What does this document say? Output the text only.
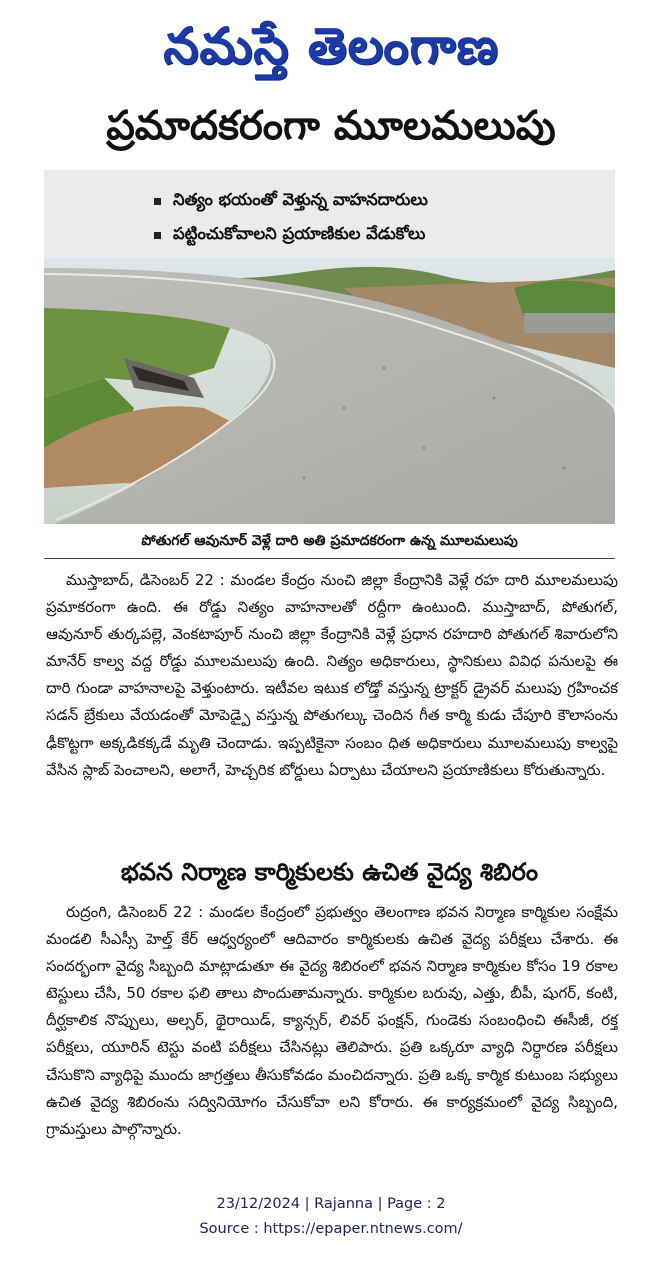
నమస్తే తెలంగాణ
ప్రమాదకరంగా మూలమలుపు
నిత్యం భయంతో వెళ్తున్న వాహనదారులు
పట్టించుకోవాలని ప్రయాణికుల వేడుకోలు
పోతుగల్ ఆవునూర్ వెళ్లే దారి అతి ప్రమాదకరంగా ఉన్న మూలమలుపు

ముస్తాబాద్, డిసెంబర్ 22 : మండల కేంద్రం నుంచి జిల్లా కేంద్రానికి వెళ్లే రహ దారి మూలమలుపు ప్రమాకరంగా ఉంది. ఈ రోడ్డు నిత్యం వాహనాలతో రద్దీగా ఉంటుంది. ముస్తాబాద్, పోతుగల్, ఆవునూర్ తుర్కపల్లె, వెంకటాపూర్ నుంచి జిల్లా కేంద్రానికి వెళ్లే ప్రధాన రహదారి పోతుగల్ శివారులోని మానేర్ కాల్వ వద్ద రోడ్డు మూలమలుపు ఉంది. నిత్యం అధికారులు, స్థానికులు వివిధ పనులపై ఈ దారి గుండా వాహనాలపై వెళ్తుంటారు. ఇటీవల ఇటుక లోడ్తో వస్తున్న ట్రాక్టర్ డ్రైవర్ మలుపు గ్రహించక సడన్ బ్రేకులు వేయడంతో మోపెడ్పై వస్తున్న పోతుగల్కు చెందిన గీత కార్మి కుడు చేపూరి కౌలాసంను ఢీకొట్టగా అక్కడికక్కడే మృతి చెందాడు. ఇప్పటికైనా సంబం ధిత అధికారులు మూలమలుపు కాల్వపై వేసిన స్లాబ్ పెంచాలని, అలాగే, హెచ్చరిక బోర్డులు ఏర్పాటు చేయాలని ప్రయాణికులు కోరుతున్నారు.

భవన నిర్మాణ కార్మికులకు ఉచిత వైద్య శిబిరం

రుద్రంగి, డిసెంబర్ 22 : మండల కేంద్రంలో ప్రభుత్వం తెలంగాణ భవన నిర్మాణ కార్మికుల సంక్షేమ మండలి సీఎస్సీ హెల్త్ కేర్ ఆధ్వర్యంలో ఆదివారం కార్మికులకు ఉచిత వైద్య పరీక్షలు చేశారు. ఈ సందర్భంగా వైద్య సిబ్బంది మాట్లాడుతూ ఈ వైద్య శిబిరంలో భవన నిర్మాణ కార్మికుల కోసం 19 రకాల టెస్టులు చేసి, 50 రకాల ఫలి తాలు పొందుతామన్నారు. కార్మికుల బరువు, ఎత్తు, బీపీ, షుగర్, కంటి, దీర్ఘకాలిక నొప్పులు, అల్సర్, థైరాయిడ్, క్యాన్సర్, లివర్ ఫంక్షన్, గుండెకు సంబంధించి ఈసీజీ, రక్త పరీక్షలు, యూరిన్ టెస్టు వంటి పరీక్షలు చేసినట్లు తెలిపారు. ప్రతి ఒక్కరూ వ్యాధి నిర్ధారణ పరీక్షలు చేసుకొని వ్యాధిపై ముందు జాగ్రత్తలు తీసుకోవడం మంచిదన్నారు. ప్రతి ఒక్క కార్మిక కుటుంబ సభ్యులు ఉచిత వైద్య శిబిరంను సద్వినియోగం చేసుకోవా లని కోరారు. ఈ కార్యక్రమంలో వైద్య సిబ్బంది, గ్రామస్తులు పాల్గొన్నారు.

23/12/2024 | Rajanna | Page : 2
Source : https://epaper.ntnews.com/
